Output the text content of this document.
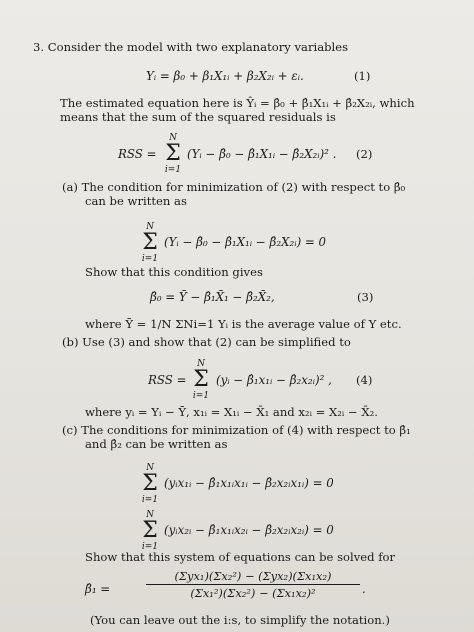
3. Consider the model with two explanatory variables
Yᵢ = β₀ + β₁X₁ᵢ + β₂X₂ᵢ + εᵢ.	(1)
The estimated equation here is Ŷᵢ = β̂₀ + β̂₁X₁ᵢ + β̂₂X₂ᵢ, which
means that the sum of the squared residuals is
RSS =
N
Σ
i=1
(Yᵢ − β̂₀ − β̂₁X₁ᵢ − β̂₂X₂ᵢ)² . (2)
(a) The condition for minimization of (2) with respect to β̂₀
can be written as
N
Σ
i=1
(Yᵢ − β̂₀ − β̂₁X₁ᵢ − β̂₂X₂ᵢ) = 0
Show that this condition gives
β̂₀ = Ȳ − β̂₁X̄₁ − β̂₂X̄₂,	(3)
where Ȳ = 1/N ΣNi=1 Yᵢ is the average value of Y etc.
(b) Use (3) and show that (2) can be simplified to
RSS =
N
Σ
i=1
(yᵢ − β̂₁x₁ᵢ − β̂₂x₂ᵢ)² , (4)
where yᵢ = Yᵢ − Ȳ, x₁ᵢ = X₁ᵢ − X̄₁ and x₂ᵢ = X₂ᵢ − X̄₂.
(c) The conditions for minimization of (4) with respect to β̂₁
and β̂₂ can be written as
N
Σ
i=1
(yᵢx₁ᵢ − β̂₁x₁ᵢx₁ᵢ − β̂₂x₂ᵢx₁ᵢ) = 0
N
Σ
i=1
(yᵢx₂ᵢ − β̂₁x₁ᵢx₂ᵢ − β̂₂x₂ᵢx₂ᵢ) = 0
Show that this system of equations can be solved for
β̂₁ =
(Σyx₁)(Σx₂²) − (Σyx₂)(Σx₁x₂)
(Σx₁²)(Σx₂²) − (Σx₁x₂)²	.
(You can leave out the i:s, to simplify the notation.)
